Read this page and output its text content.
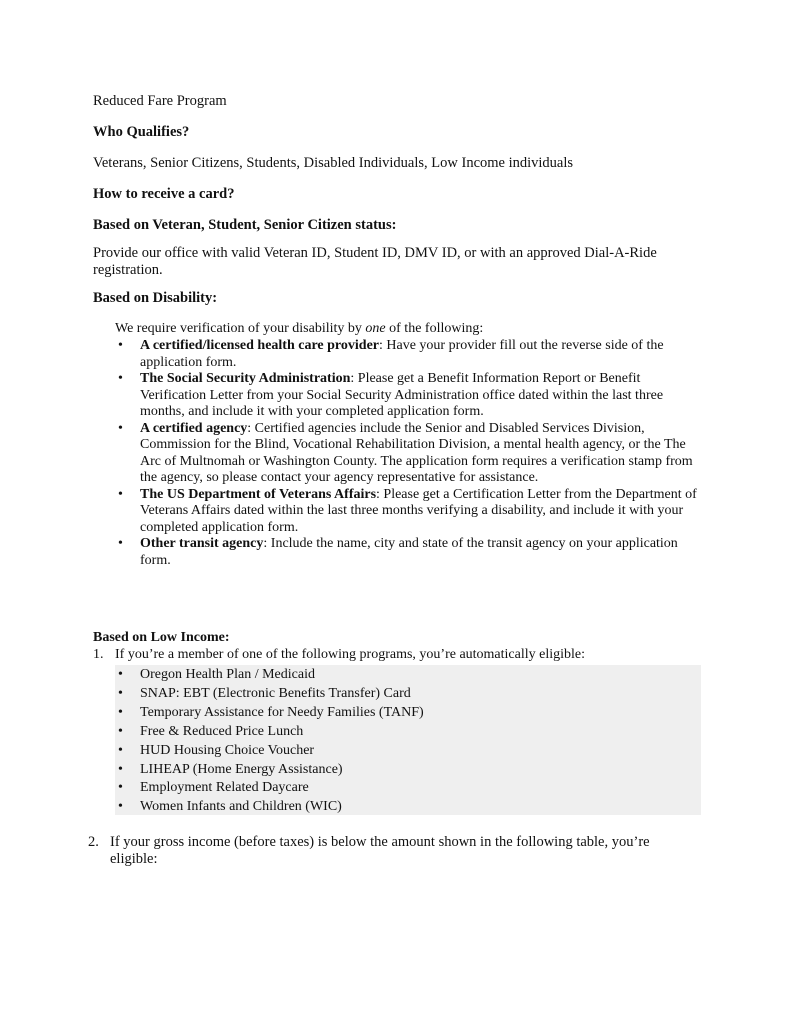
Reduced Fare Program
Who Qualifies?
Veterans, Senior Citizens, Students, Disabled Individuals, Low Income individuals
How to receive a card?
Based on Veteran, Student, Senior Citizen status:
Provide our office with valid Veteran ID, Student ID, DMV ID, or with an approved Dial-A-Ride registration.
Based on Disability:
We require verification of your disability by one of the following:
• A certified/licensed health care provider: Have your provider fill out the reverse side of the application form.
• The Social Security Administration: Please get a Benefit Information Report or Benefit Verification Letter from your Social Security Administration office dated within the last three months, and include it with your completed application form.
• A certified agency: Certified agencies include the Senior and Disabled Services Division, Commission for the Blind, Vocational Rehabilitation Division, a mental health agency, or the The Arc of Multnomah or Washington County. The application form requires a verification stamp from the agency, so please contact your agency representative for assistance.
• The US Department of Veterans Affairs: Please get a Certification Letter from the Department of Veterans Affairs dated within the last three months verifying a disability, and include it with your completed application form.
• Other transit agency: Include the name, city and state of the transit agency on your application form.
Based on Low Income:
1. If you’re a member of one of the following programs, you’re automatically eligible:
• Oregon Health Plan / Medicaid
• SNAP: EBT (Electronic Benefits Transfer) Card
• Temporary Assistance for Needy Families (TANF)
• Free & Reduced Price Lunch
• HUD Housing Choice Voucher
• LIHEAP (Home Energy Assistance)
• Employment Related Daycare
• Women Infants and Children (WIC)
2. If your gross income (before taxes) is below the amount shown in the following table, you’re eligible:
